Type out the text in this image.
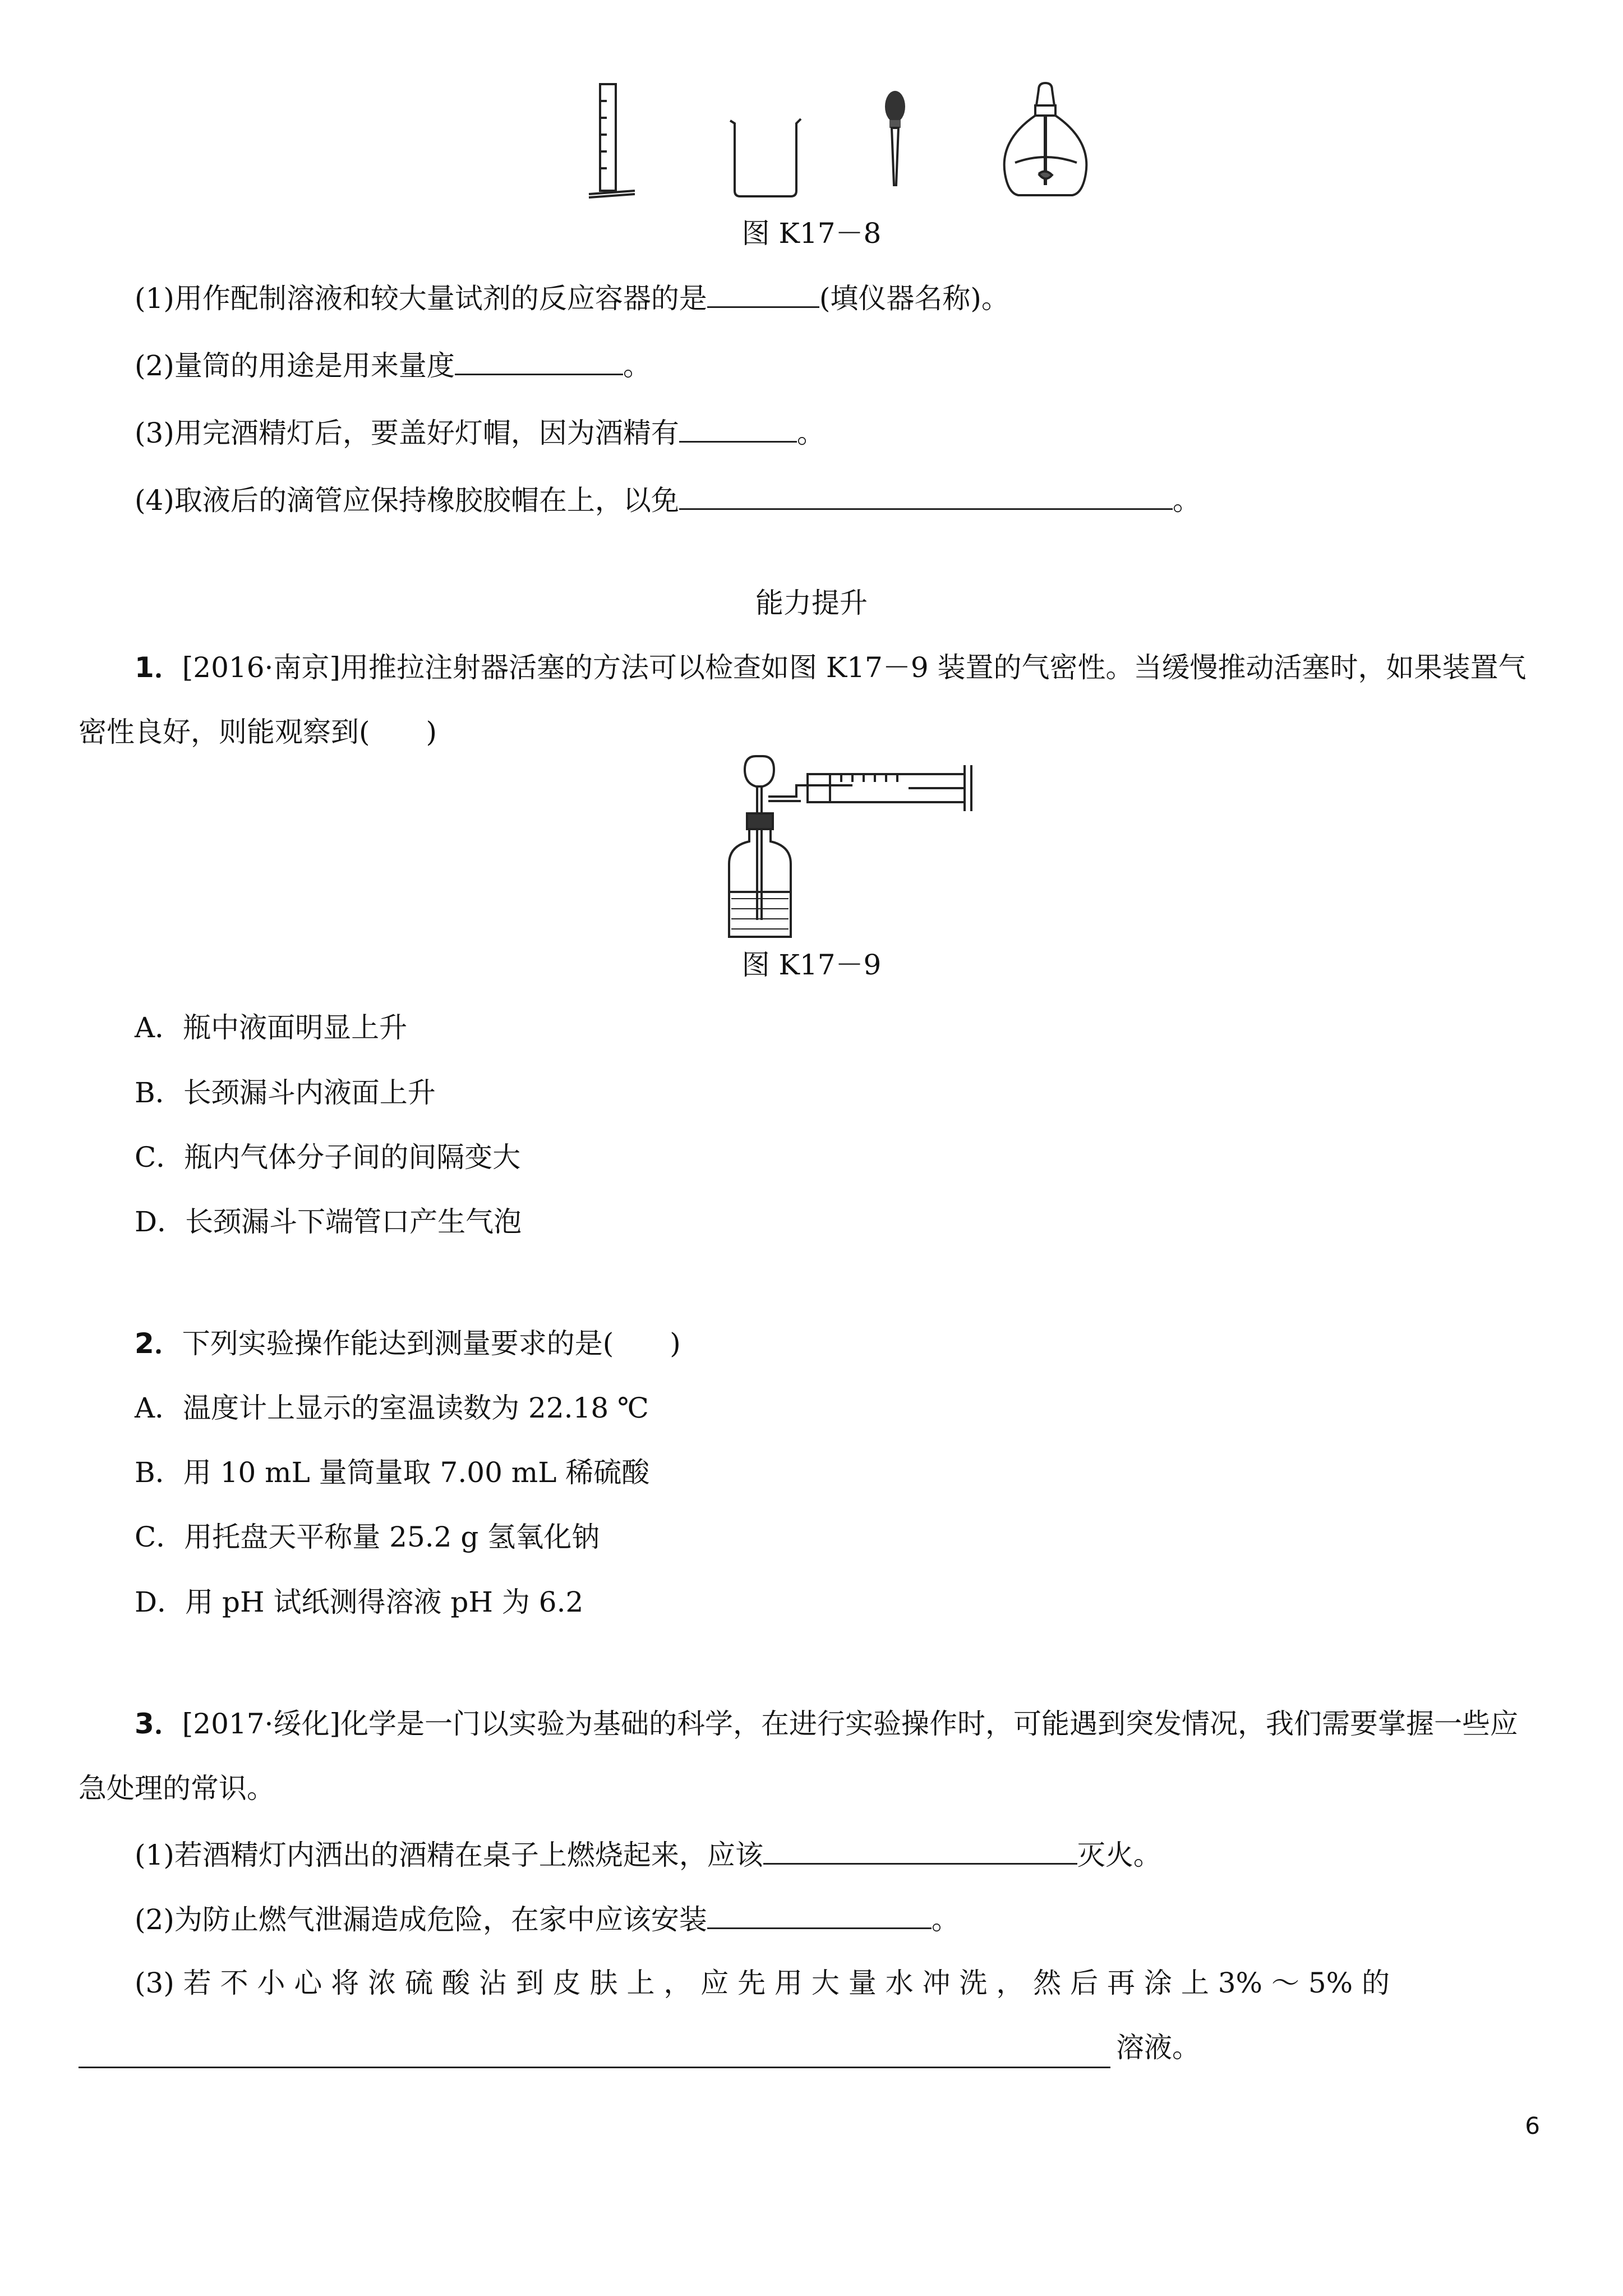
图 K17－8
(1)用作配制溶液和较大量试剂的反应容器的是	(填仪器名称)。
(2)量筒的用途是用来量度	。
(3)用完酒精灯后，要盖好灯帽，因为酒精有	。
(4)取液后的滴管应保持橡胶胶帽在上，以免	。
能力提升
1．[2016·南京]用推拉注射器活塞的方法可以检查如图 K17－9 装置的气密性。当缓慢推动活塞时，如果装置气
密性良好，则能观察到(　　)
图 K17－9
A．瓶中液面明显上升
B．长颈漏斗内液面上升
C．瓶内气体分子间的间隔变大
D．长颈漏斗下端管口产生气泡
2．下列实验操作能达到测量要求的是(　　)
A．温度计上显示的室温读数为 22.18 ℃
B．用 10 mL 量筒量取 7.00 mL 稀硫酸
C．用托盘天平称量 25.2 g 氢氧化钠
D．用 pH 试纸测得溶液 pH 为 6.2
3．[2017·绥化]化学是一门以实验为基础的科学，在进行实验操作时，可能遇到突发情况，我们需要掌握一些应
急处理的常识。
(1)若酒精灯内洒出的酒精在桌子上燃烧起来，应该	灭火。
(2)为防止燃气泄漏造成危险，在家中应该安装	。
(3) 若 不 小 心 将 浓 硫 酸 沾 到 皮 肤 上 ， 应 先 用 大 量 水 冲 洗 ， 然 后 再 涂 上 3% ～ 5% 的
溶液。
6
